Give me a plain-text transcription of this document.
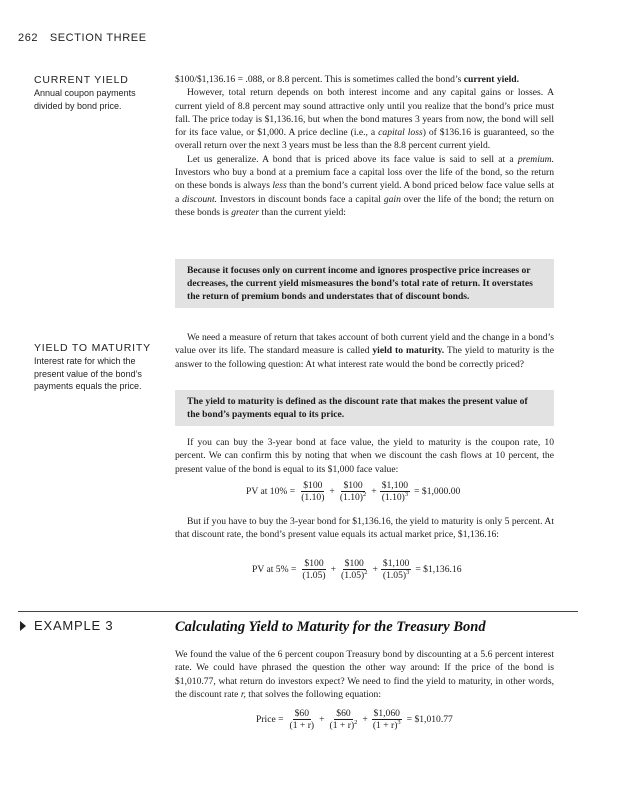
262 SECTION THREE
CURRENT YIELD
Annual coupon payments
divided by bond price.
YIELD TO MATURITY
Interest rate for which the
present value of the bond’s
payments equals the price.

$100/$1,136.16 = .088, or 8.8 percent. This is sometimes called the bond’s current yield.

However, total return depends on both interest income and any capital gains or losses. A current yield of 8.8 percent may sound attractive only until you realize that the bond’s price must fall. The price today is $1,136.16, but when the bond matures 3 years from now, the bond will sell for its face value, or $1,000. A price decline (i.e., a capital loss) of $136.16 is guaranteed, so the overall return over the next 3 years must be less than the 8.8 percent current yield.

Let us generalize. A bond that is priced above its face value is said to sell at a premium. Investors who buy a bond at a premium face a capital loss over the life of the bond, so the return on these bonds is always less than the bond’s current yield. A bond priced below face value sells at a discount. Investors in discount bonds face a capital gain over the life of the bond; the return on these bonds is greater than the current yield:

Because it focuses only on current income and ignores prospective price increases or decreases, the current yield mismeasures the bond’s total rate of return. It overstates the return of premium bonds and understates that of discount bonds.

We need a measure of return that takes account of both current yield and the change in a bond’s value over its life. The standard measure is called yield to maturity. The yield to maturity is the answer to the following question: At what interest rate would the bond be correctly priced?

The yield to maturity is defined as the discount rate that makes the present value of the bond’s payments equal to its price.

If you can buy the 3-year bond at face value, the yield to maturity is the coupon rate, 10 percent. We can confirm this by noting that when we discount the cash flows at 10 percent, the present value of the bond is equal to its $1,000 face value:

PV at $10\% = \frac{\$100}{(1.10)} + \frac{\$100}{(1.10)^2} + \frac{\$1,100}{(1.10)^3}$ = $1,000.00

But if you have to buy the 3-year bond for $1,136.16, the yield to maturity is only 5 percent. At that discount rate, the bond’s present value equals its actual market price, $1,136.16:

PV at $5\% = \frac{\$100}{(1.05)} + \frac{\$100}{(1.05)^2} + \frac{\$1,100}{(1.05)^3}$ = $1,136.16
EXAMPLE 3	Calculating Yield to Maturity for the Treasury Bond

We found the value of the 6 percent coupon Treasury bond by discounting at a 5.6 percent interest rate. We could have phrased the question the other way around: If the price of the bond is $1,010.77, what return do investors expect? We need to find the yield to maturity, in other words, the discount rate r, that solves the following equation:

Price = $\frac{\$60}{(1 + r)} + \frac{\$60}{(1 + r)^2} + \frac{\$1,060}{(1 + r)^3}$ = $1,010.77
